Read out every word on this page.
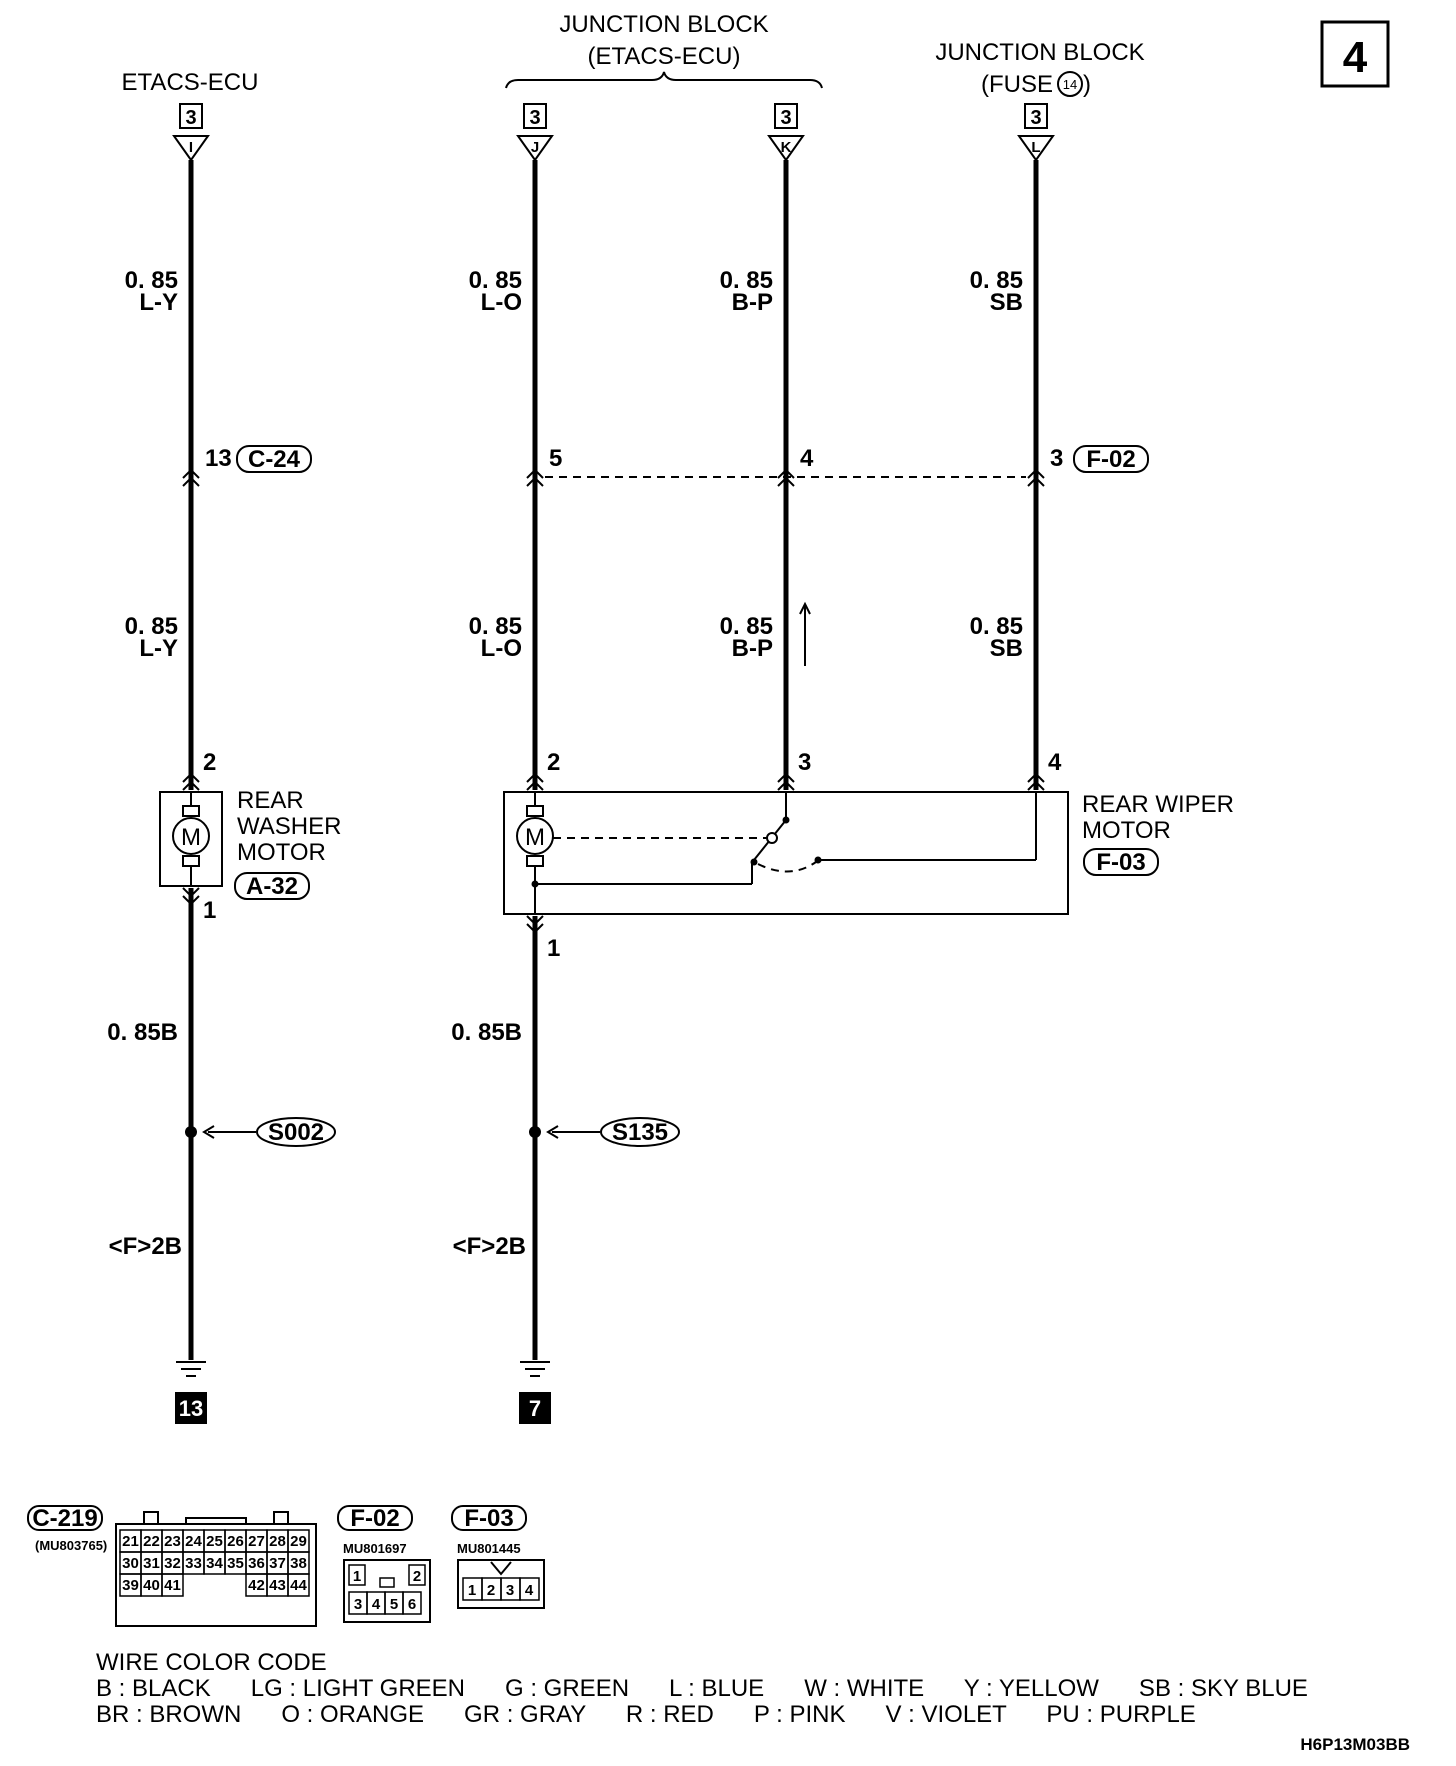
4
ETACS-ECU
JUNCTION BLOCK
(ETACS-ECU)	JUNCTION BLOCK
(FUSE 14 )
3
I
3
J
3
K
3
L
0. 85
L-Y
0. 85
L-O
0. 85
B-P
0. 85
SB
13 C-24	5	4	3 F-02
0. 85
L-Y
0. 85
L-O
0. 85
B-P
0. 85
SB
2	2	3	4
M
1
REAR
WASHER
MOTOR
A-32
M
1
REAR WIPER
MOTOR
F-03
0. 85B	0. 85B
S002	S135
<F>2B	<F>2B
13	7
C-219
(MU803765) 21 22 23 24 25 26 27 28 29
30 31 32 33 34 35 36 37 38
39 40 41	42 43 44
F-02
MU801697
1	2
3 4 5 6
F-03
MU801445
1 2 3 4
WIRE COLOR CODE
B : BLACK      LG : LIGHT GREEN      G : GREEN      L : BLUE      W : WHITE      Y : YELLOW      SB : SKY BLUE
BR : BROWN      O : ORANGE      GR : GRAY      R : RED      P : PINK      V : VIOLET      PU : PURPLE
H6P13M03BB
